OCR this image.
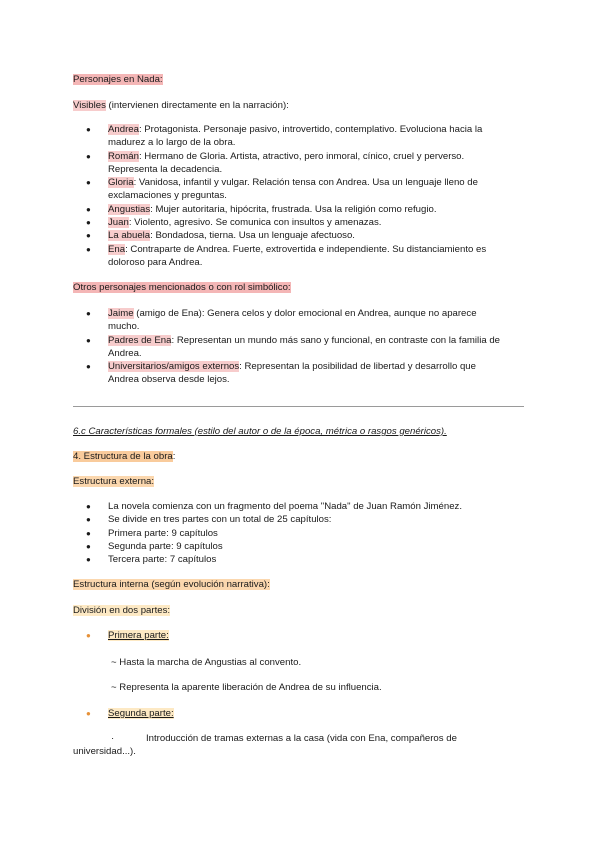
Personajes en Nada:
Visibles (intervienen directamente en la narración):
● Andrea: Protagonista. Personaje pasivo, introvertido, contemplativo. Evoluciona hacia la
madurez a lo largo de la obra.
● Román: Hermano de Gloria. Artista, atractivo, pero inmoral, cínico, cruel y perverso.
Representa la decadencia.
● Gloria: Vanidosa, infantil y vulgar. Relación tensa con Andrea. Usa un lenguaje lleno de
exclamaciones y preguntas.
● Angustias: Mujer autoritaria, hipócrita, frustrada. Usa la religión como refugio.
● Juan: Violento, agresivo. Se comunica con insultos y amenazas.
● La abuela: Bondadosa, tierna. Usa un lenguaje afectuoso.
● Ena: Contraparte de Andrea. Fuerte, extrovertida e independiente. Su distanciamiento es
doloroso para Andrea.
Otros personajes mencionados o con rol simbólico:
● Jaime (amigo de Ena): Genera celos y dolor emocional en Andrea, aunque no aparece
mucho.
● Padres de Ena: Representan un mundo más sano y funcional, en contraste con la familia de
Andrea.
● Universitarios/amigos externos: Representan la posibilidad de libertad y desarrollo que
Andrea observa desde lejos.
6.c Características formales (estilo del autor o de la época, métrica o rasgos genéricos).
4. Estructura de la obra:
Estructura externa:
● La novela comienza con un fragmento del poema "Nada" de Juan Ramón Jiménez.
● Se divide en tres partes con un total de 25 capítulos:
● Primera parte: 9 capítulos
● Segunda parte: 9 capítulos
● Tercera parte: 7 capítulos
Estructura interna (según evolución narrativa):
División en dos partes:
● Primera parte:
~ Hasta la marcha de Angustias al convento.
~ Representa la aparente liberación de Andrea de su influencia.
● Segunda parte:
·	Introducción de tramas externas a la casa (vida con Ena, compañeros de
universidad...).
